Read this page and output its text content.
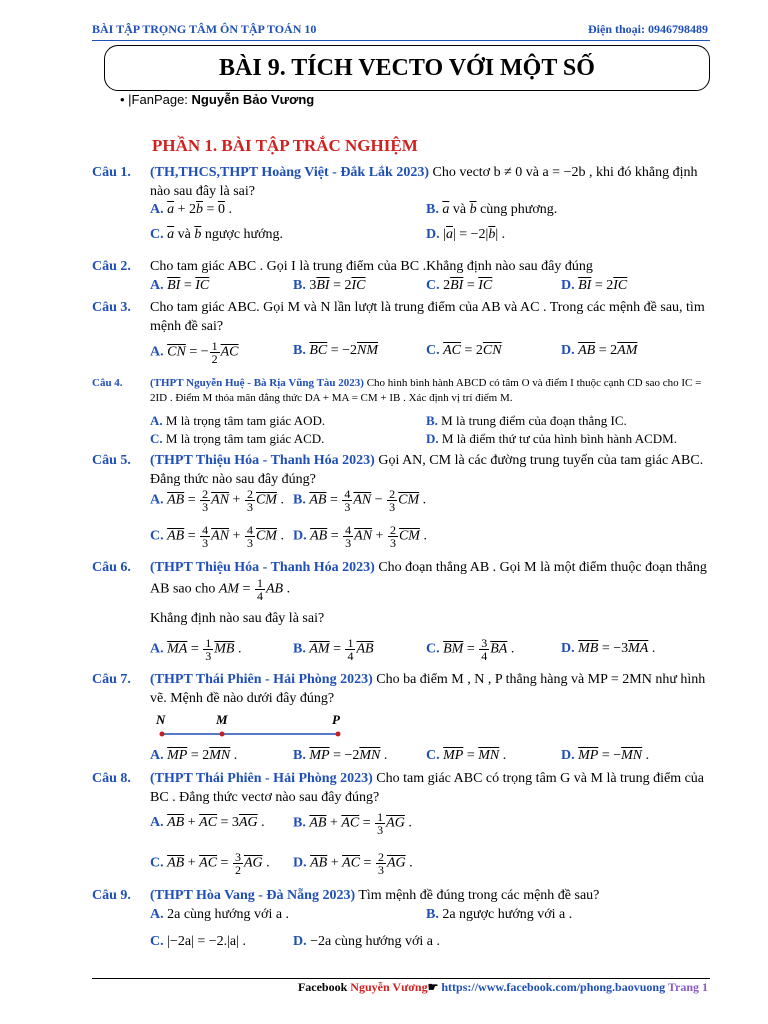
BÀI TẬP TRỌNG TÂM ÔN TẬP TOÁN 10	Điện thoại: 0946798489
BÀI 9. TÍCH VECTO VỚI MỘT SỐ
• |FanPage: Nguyễn Bảo Vương
PHẦN 1. BÀI TẬP TRẮC NGHIỆM
Câu 1. (TH,THCS,THPT Hoàng Việt - Đắk Lắk 2023) Cho vectơ b ≠ 0 và a = −2b , khi đó khẳng định nào sau đây là sai?
A. $\overline{a} + 2\overline{b} = 0$ .	B. $\overline{a}$ và $\overline{b}$ cùng phương.
C. $\overline{a}$ và $\overline{b}$ ngược hướng.	D. $|\overline{a}| = -2|\overline{b}|$ .
Câu 2. Cho tam giác ABC . Gọi I là trung điểm của BC .Khẳng định nào sau đây đúng
A. $\overline{BI} = \overline{IC}$	B. $3\overline{BI} = 2\overline{IC}$	C. $2\overline{BI} = \overline{IC}$	D. $\overline{BI} = 2\overline{IC}$
Câu 3. Cho tam giác ABC. Gọi M và N lần lượt là trung điểm của AB và AC . Trong các mệnh đề sau, tìm mệnh đề sai?
A. $\overline{CN}$ = − $\frac{1}{2} \overline{AC}$	B. $\overline{BC} = -2\overline{NM}$	C. $\overline{AC} = 2\overline{CN}$	D. $\overline{AB} = 2\overline{AM}$
Câu 4. (THPT Nguyễn Huệ - Bà Rịa Vũng Tàu 2023) Cho hình bình hành ABCD có tâm O và điểm I thuộc cạnh CD sao cho IC = 2ID . Điểm M thỏa mãn đẳng thức DA + MA = CM + IB . Xác định vị trí điểm M.
A. M là trọng tâm tam giác AOD.	B. M là trung điểm của đoạn thẳng IC.
C. M là trọng tâm tam giác ACD.	D. M là điểm thứ tư của hình bình hành ACDM.
Câu 5. (THPT Thiệu Hóa - Thanh Hóa 2023) Gọi AN, CM là các đường trung tuyến của tam giác ABC. Đẳng thức nào sau đây đúng?
A. $\overline{AB} = \frac{2}{3} \overline{AN} + \frac{2}{3} \overline{CM}$ . B. $\overline{AB} = \frac{4}{3} \overline{AN} - \frac{2}{3} \overline{CM}$ .
C. $\overline{AB} = \frac{4}{3} \overline{AN} + \frac{4}{3} \overline{CM}$ . D. $\overline{AB} = \frac{4}{3} \overline{AN} + \frac{2}{3} \overline{CM}$ .
Câu 6. (THPT Thiệu Hóa - Thanh Hóa 2023) Cho đoạn thẳng AB . Gọi M là một điểm thuộc đoạn thẳng AB sao cho AM = $\frac{1}{4}$ AB .
Khẳng định nào sau đây là sai?
A. $\overline{MA} = \frac{1}{3} \overline{MB}$ .	B. $\overline{AM} = \frac{1}{4} \overline{AB}$	C. $\overline{BM} = \frac{3}{4} \overline{BA}$ .	D. $\overline{MB} = -3\overline{MA}$ .
Câu 7. (THPT Thái Phiên - Hải Phòng 2023) Cho ba điểm M , N , P thẳng hàng và MP = 2MN như hình vẽ. Mệnh đề nào dưới đây đúng?
N	M	P
A. $\overline{MP} = 2\overline{MN}$ .	B. $\overline{MP} = -2\overline{MN}$ .	C. $\overline{MP} = \overline{MN}$ .	D. $\overline{MP} = -\overline{MN}$ .
Câu 8. (THPT Thái Phiên - Hải Phòng 2023) Cho tam giác ABC có trọng tâm G và M là trung điểm của BC . Đẳng thức vectơ nào sau đây đúng?
A. $\overline{AB} + \overline{AC} = 3\overline{AG}$ . B. $\overline{AB} + \overline{AC} = \frac{1}{3} \overline{AG}$ .
C. $\overline{AB} + \overline{AC} = \frac{3}{2} \overline{AG}$ . D. $\overline{AB} + \overline{AC} = \frac{2}{3} \overline{AG}$ .
Câu 9. (THPT Hòa Vang - Đà Nẵng 2023) Tìm mệnh đề đúng trong các mệnh đề sau?
A. 2a cùng hướng với a .	B. 2a ngược hướng với a .
C. |−2a| = −2.|a| .	D. −2a cùng hướng với a .
Facebook Nguyễn Vương☛ https://www.facebook.com/phong.baovuong Trang 1
